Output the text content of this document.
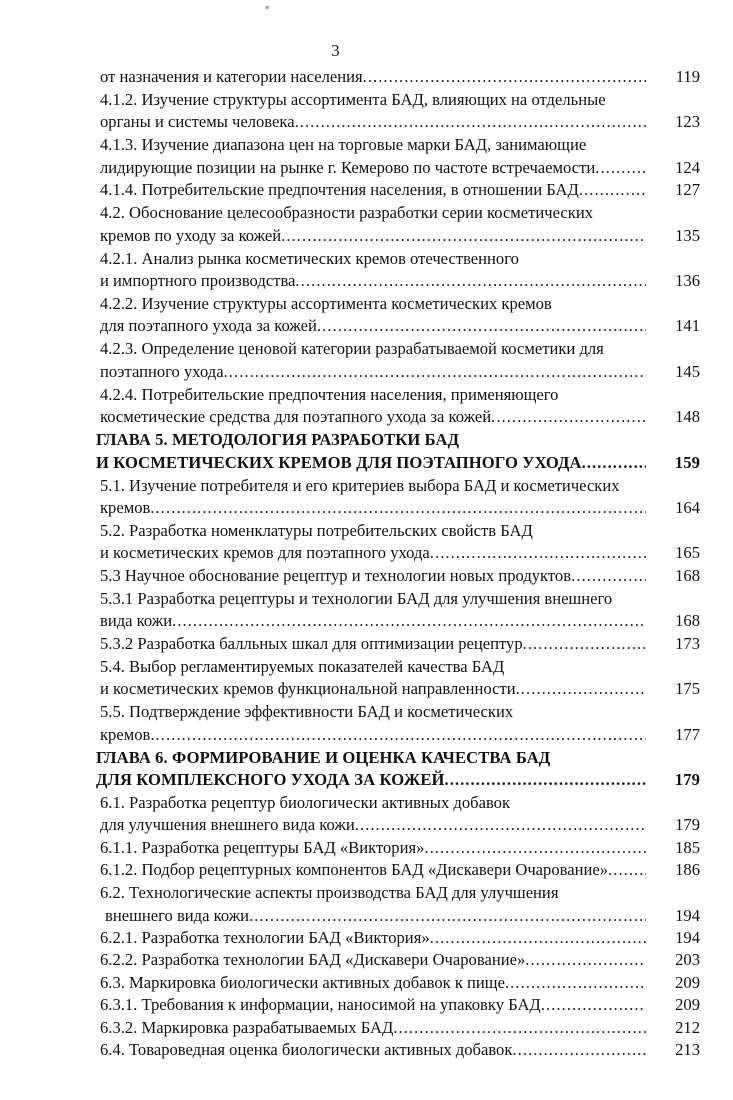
3
от назначения и категории населения .....	119
4.1.2. Изучение структуры ассортимента БАД, влияющих на отдельные
органы и системы человека .....	123
4.1.3. Изучение диапазона цен на торговые марки БАД, занимающие
лидирующие позиции на рынке г. Кемерово по частоте встречаемости .....	124
4.1.4. Потребительские предпочтения населения, в отношении БАД .....	127
4.2. Обоснование целесообразности разработки серии косметических
кремов по уходу за кожей .....	135
4.2.1. Анализ рынка косметических кремов отечественного
и импортного производства .....	136
4.2.2. Изучение структуры ассортимента косметических кремов
для поэтапного ухода за кожей .....	141
4.2.3. Определение ценовой категории разрабатываемой косметики для
поэтапного ухода .....	145
4.2.4. Потребительские предпочтения населения, применяющего
косметические средства для поэтапного ухода за кожей .....	148
ГЛАВА 5. МЕТОДОЛОГИЯ РАЗРАБОТКИ БАД
И КОСМЕТИЧЕСКИХ КРЕМОВ ДЛЯ ПОЭТАПНОГО УХОДА .....	159
5.1. Изучение потребителя и его критериев выбора БАД и косметических
кремов .....	164
5.2. Разработка номенклатуры потребительских свойств БАД
и косметических кремов для поэтапного ухода .....	165
5.3 Научное обоснование рецептур и технологии новых продуктов .....	168
5.3.1 Разработка рецептуры и технологии БАД для улучшения внешнего
вида кожи .....	168
5.3.2 Разработка балльных шкал для оптимизации рецептур .....	173
5.4. Выбор регламентируемых показателей качества БАД
и косметических кремов функциональной направленности .....	175
5.5. Подтверждение эффективности БАД и косметических
кремов .....	177
ГЛАВА 6. ФОРМИРОВАНИЕ И ОЦЕНКА КАЧЕСТВА БАД
ДЛЯ КОМПЛЕКСНОГО УХОДА ЗА КОЖЕЙ .....	179
6.1. Разработка рецептур биологически активных добавок
для улучшения внешнего вида кожи .....	179
6.1.1. Разработка рецептуры БАД «Виктория» .....	185
6.1.2. Подбор рецептурных компонентов БАД «Дискавери Очарование» .....	186
6.2. Технологические аспекты производства БАД для улучшения
внешнего вида кожи .....	194
6.2.1. Разработка технологии БАД «Виктория» .....	194
6.2.2. Разработка технологии БАД «Дискавери Очарование» .....	203
6.3. Маркировка биологически активных добавок к пище .....	209
6.3.1. Требования к информации, наносимой на упаковку БАД .....	209
6.3.2. Маркировка разрабатываемых БАД .....	212
6.4. Товароведная оценка биологически активных добавок .....	213
